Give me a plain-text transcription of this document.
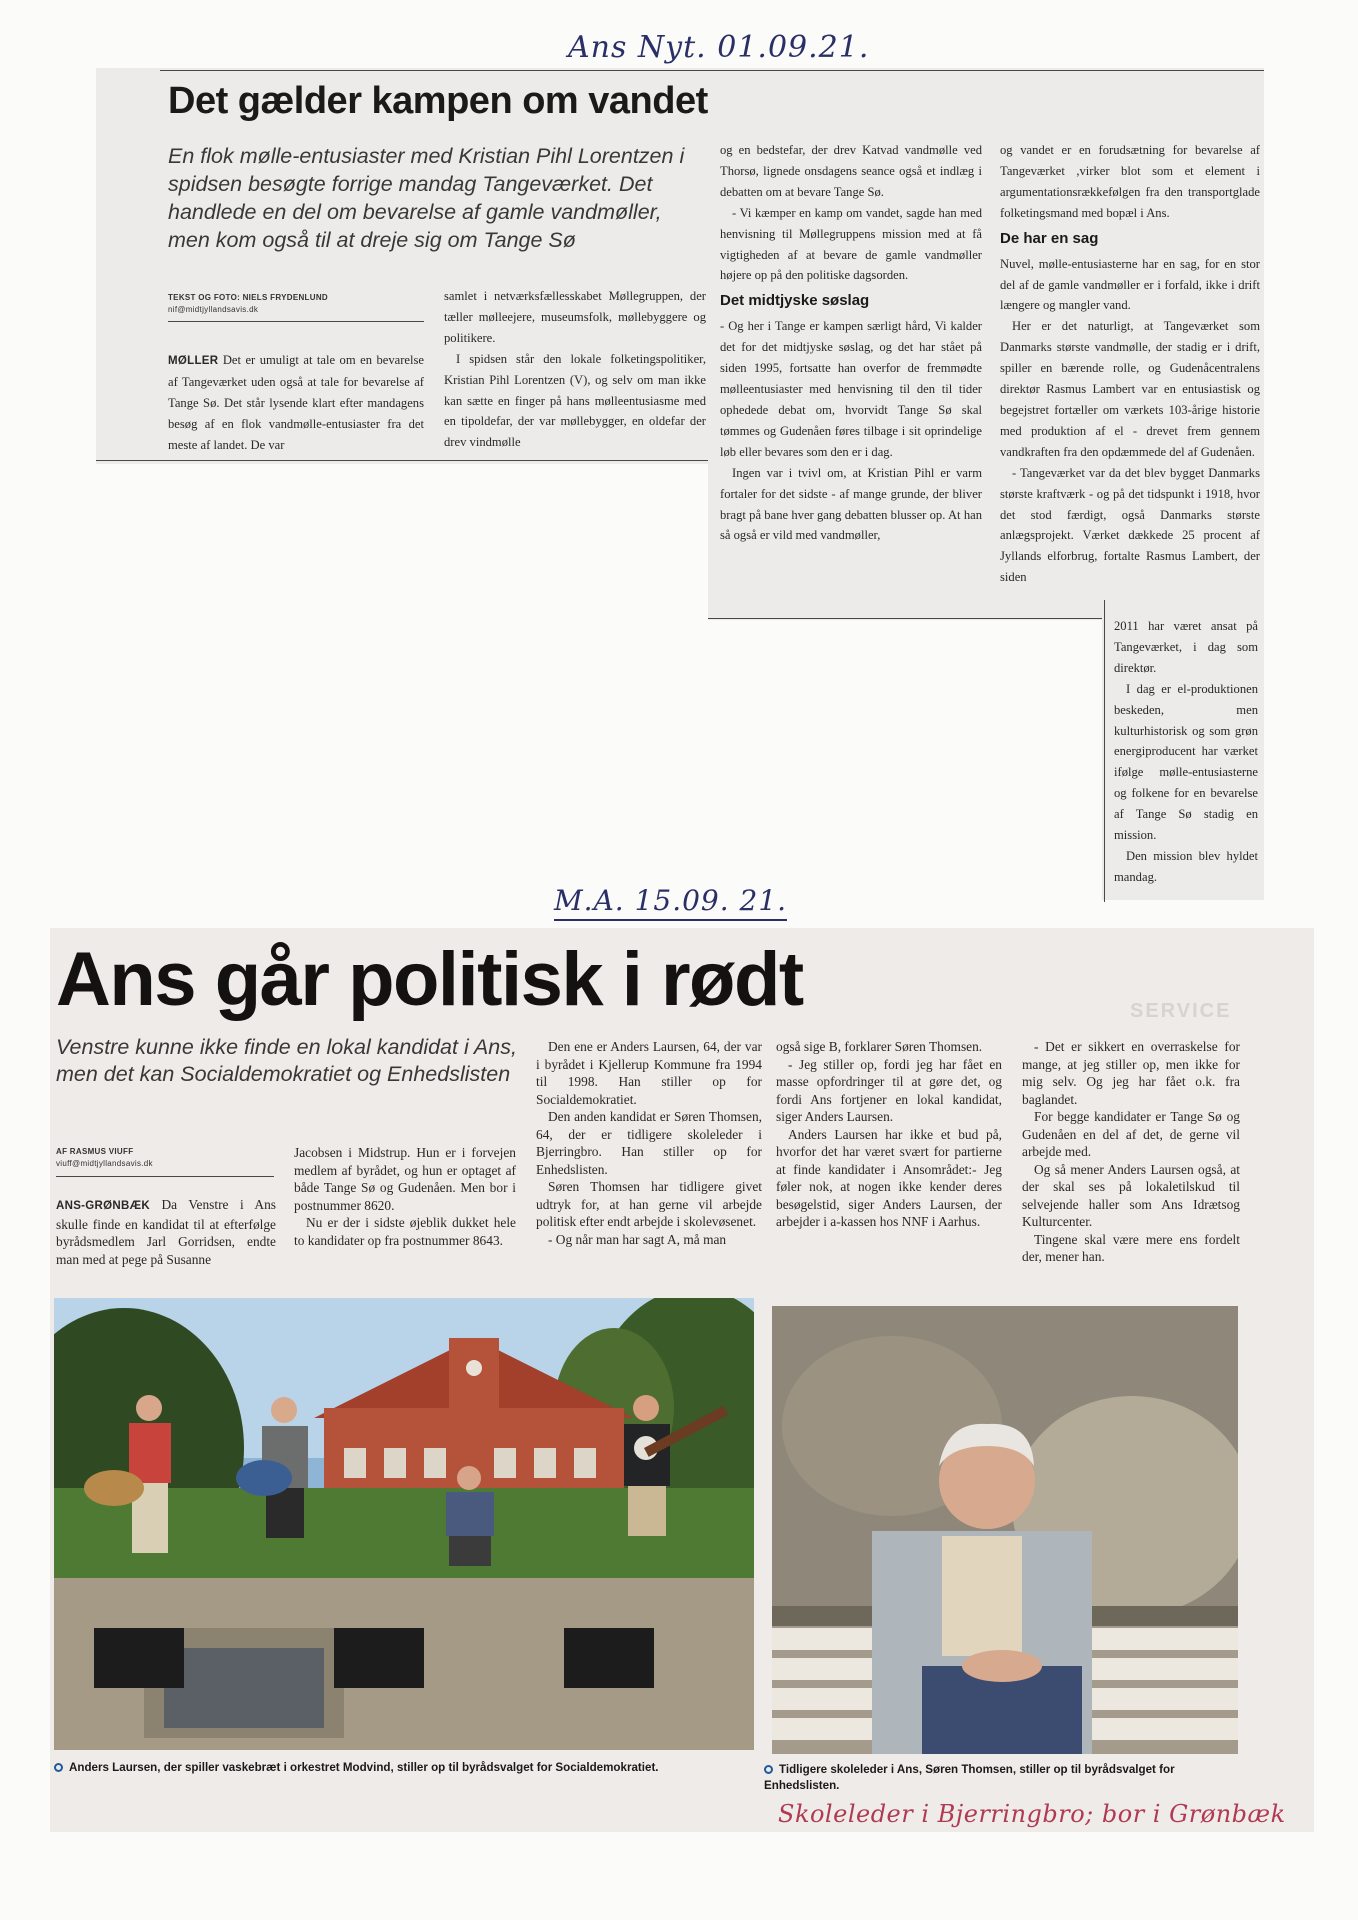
Ans Nyt. 01.09.21.
Det gælder kampen om vandet
En flok mølle-entusiaster med Kristian Pihl Lorentzen i spidsen besøgte forrige mandag Tangeværket. Det handlede en del om bevarelse af gamle vandmøller, men kom også til at dreje sig om Tange Sø
TEKST OG FOTO: NIELS FRYDENLUND
nif@midtjyllandsavis.dk

MØLLER Det er umuligt at tale om en bevarelse af Tangeværket uden også at tale for bevarelse af Tange Sø. Det står lysende klart efter mandagens besøg af en flok vandmølle-entusiaster fra det meste af landet. De var

samlet i netværksfællesskabet Møllegruppen, der tæller mølleejere, museumsfolk, møllebyggere og politikere.

I spidsen står den lokale folketingspolitiker, Kristian Pihl Lorentzen (V), og selv om man ikke kan sætte en finger på hans mølleentusiasme med en tipoldefar, der var møllebygger, en oldefar der drev vindmølle

og en bedstefar, der drev Katvad vandmølle ved Thorsø, lignede onsdagens seance også et indlæg i debatten om at bevare Tange Sø.

- Vi kæmper en kamp om vandet, sagde han med henvisning til Møllegruppens mission med at få vigtigheden af at bevare de gamle vandmøller højere op på den politiske dagsorden.

Det midtjyske søslag

- Og her i Tange er kampen særligt hård, Vi kalder det for det midtjyske søslag, og det har stået på siden 1995, fortsatte han overfor de fremmødte mølleentusiaster med henvisning til den til tider ophedede debat om, hvorvidt Tange Sø skal tømmes og Gudenåen føres tilbage i sit oprindelige løb eller bevares som den er i dag.

Ingen var i tvivl om, at Kristian Pihl er varm fortaler for det sidste - af mange grunde, der bliver bragt på bane hver gang debatten blusser op. At han så også er vild med vandmøller,

og vandet er en forudsætning for bevarelse af Tangeværket ,virker blot som et element i argumentationsrækkefølgen fra den transportglade folketingsmand med bopæl i Ans.

De har en sag

Nuvel, mølle-entusiasterne har en sag, for en stor del af de gamle vandmøller er i forfald, ikke i drift længere og mangler vand.

Her er det naturligt, at Tangeværket som Danmarks største vandmølle, der stadig er i drift, spiller en bærende rolle, og Gudenåcentralens direktør Rasmus Lambert var en entusiastisk og begejstret fortæller om værkets 103-årige historie med produktion af el - drevet frem gennem vandkraften fra den opdæmmede del af Gudenåen.

- Tangeværket var da det blev bygget Danmarks største kraftværk - og på det tidspunkt i 1918, hvor det stod færdigt, også Danmarks største anlægsprojekt. Værket dækkede 25 procent af Jyllands elforbrug, fortalte Rasmus Lambert, der siden

2011 har været ansat på Tangeværket, i dag som direktør.

I dag er el-produktionen beskeden, men kulturhistorisk og som grøn energiproducent har værket ifølge mølle-entusiasterne og folkene for en bevarelse af Tange Sø stadig en mission.

Den mission blev hyldet mandag.

M.A. 15.09. 21.
SERVICE
Ans går politisk i rødt
Venstre kunne ikke finde en lokal kandidat i Ans, men det kan Socialdemokratiet og Enhedslisten
AF RASMUS VIUFF
viuff@midtjyllandsavis.dk

ANS-GRØNBÆK Da Venstre i Ans skulle finde en kandidat til at efterfølge byrådsmedlem Jarl Gorridsen, endte man med at pege på Susanne

Jacobsen i Midstrup. Hun er i forvejen medlem af byrådet, og hun er optaget af både Tange Sø og Gudenåen. Men bor i postnummer 8620.

Nu er der i sidste øjeblik dukket hele to kandidater op fra postnummer 8643.

Den ene er Anders Laursen, 64, der var i byrådet i Kjellerup Kommune fra 1994 til 1998. Han stiller op for Socialdemokratiet.

Den anden kandidat er Søren Thomsen, 64, der er tidligere skoleleder i Bjerringbro. Han stiller op for Enhedslisten.

Søren Thomsen har tidligere givet udtryk for, at han gerne vil arbejde politisk efter endt arbejde i skolevøsenet.

- Og når man har sagt A, må man

også sige B, forklarer Søren Thomsen.

- Jeg stiller op, fordi jeg har fået en masse opfordringer til at gøre det, og fordi Ans fortjener en lokal kandidat, siger Anders Laursen.

Anders Laursen har ikke et bud på, hvorfor det har været svært for partierne at finde kandidater i Ansområdet:- Jeg føler nok, at nogen ikke kender deres besøgelstid, siger Anders Laursen, der arbejder i a-kassen hos NNF i Aarhus.

- Det er sikkert en overraskelse for mange, at jeg stiller op, men ikke for mig selv. Og jeg har fået o.k. fra baglandet.

For begge kandidater er Tange Sø og Gudenåen en del af det, de gerne vil arbejde med.

Og så mener Anders Laursen også, at der skal ses på lokaletilskud til selvejende haller som Ans Idrætsog Kulturcenter.

Tingene skal være mere ens fordelt der, mener han.

Anders Laursen, der spiller vaskebræt i orkestret Modvind, stiller op til byrådsvalget for Socialdemokratiet.	Tidligere skoleleder i Ans, Søren Thomsen, stiller op til byrådsvalget for Enhedslisten.
Skoleleder i Bjerringbro; bor i Grønbæk
